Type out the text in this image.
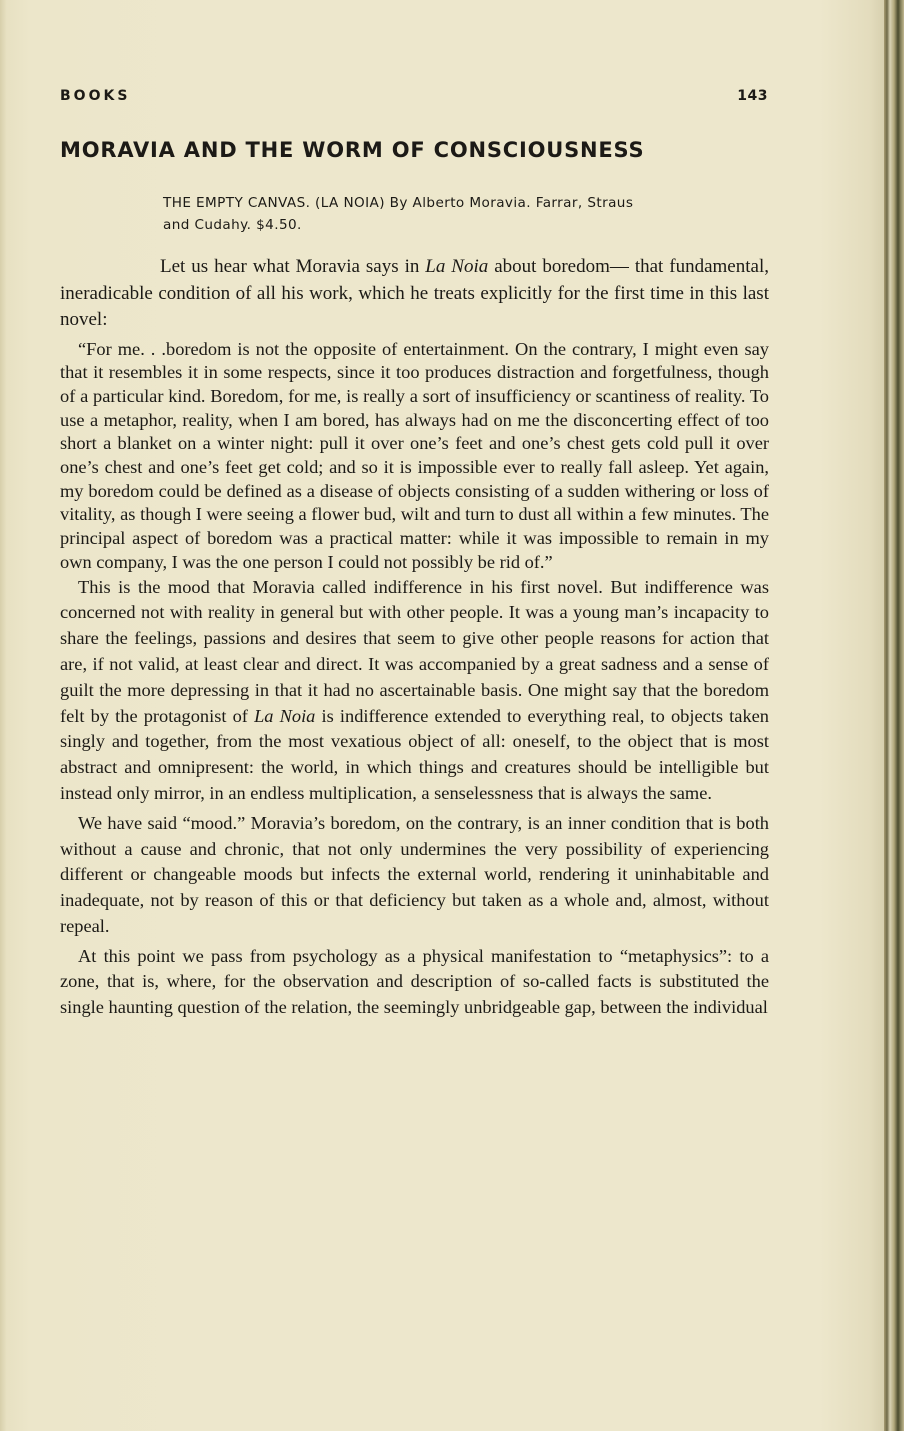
BOOKS	143
MORAVIA AND THE WORM OF CONSCIOUSNESS
THE EMPTY CANVAS. (LA NOIA) By Alberto Moravia. Farrar, Straus
and Cudahy. $4.50.

Let us hear what Moravia says in La Noia about boredom— that fundamental, ineradicable condition of all his work, which he treats explicitly for the first time in this last novel:

“For me. . .boredom is not the opposite of entertainment. On the contrary, I might even say that it resembles it in some respects, since it too produces distraction and forgetfulness, though of a particular kind. Boredom, for me, is really a sort of insufficiency or scantiness of reality. To use a metaphor, reality, when I am bored, has always had on me the disconcerting effect of too short a blanket on a winter night: pull it over one’s feet and one’s chest gets cold pull it over one’s chest and one’s feet get cold; and so it is impossible ever to really fall asleep. Yet again, my boredom could be defined as a disease of objects consisting of a sudden withering or loss of vitality, as though I were seeing a flower bud, wilt and turn to dust all within a few minutes. The principal aspect of boredom was a practical matter: while it was impossible to remain in my own company, I was the one person I could not possibly be rid of.”

This is the mood that Moravia called indifference in his first novel. But indifference was concerned not with reality in general but with other people. It was a young man’s incapacity to share the feelings, passions and desires that seem to give other people reasons for action that are, if not valid, at least clear and direct. It was accompanied by a great sadness and a sense of guilt the more depressing in that it had no ascertainable basis. One might say that the boredom felt by the protagonist of La Noia is indifference extended to everything real, to objects taken singly and together, from the most vexatious object of all: oneself, to the object that is most abstract and omnipresent: the world, in which things and creatures should be intelligible but instead only mirror, in an endless multiplication, a senselessness that is always the same.

We have said “mood.” Moravia’s boredom, on the contrary, is an inner condition that is both without a cause and chronic, that not only undermines the very possibility of experiencing different or changeable moods but infects the external world, rendering it uninhabitable and inadequate, not by reason of this or that deficiency but taken as a whole and, almost, without repeal.

At this point we pass from psychology as a physical manifestation to “metaphysics”: to a zone, that is, where, for the observation and description of so-called facts is substituted the single haunting question of the relation, the seemingly unbridgeable gap, between the individual
